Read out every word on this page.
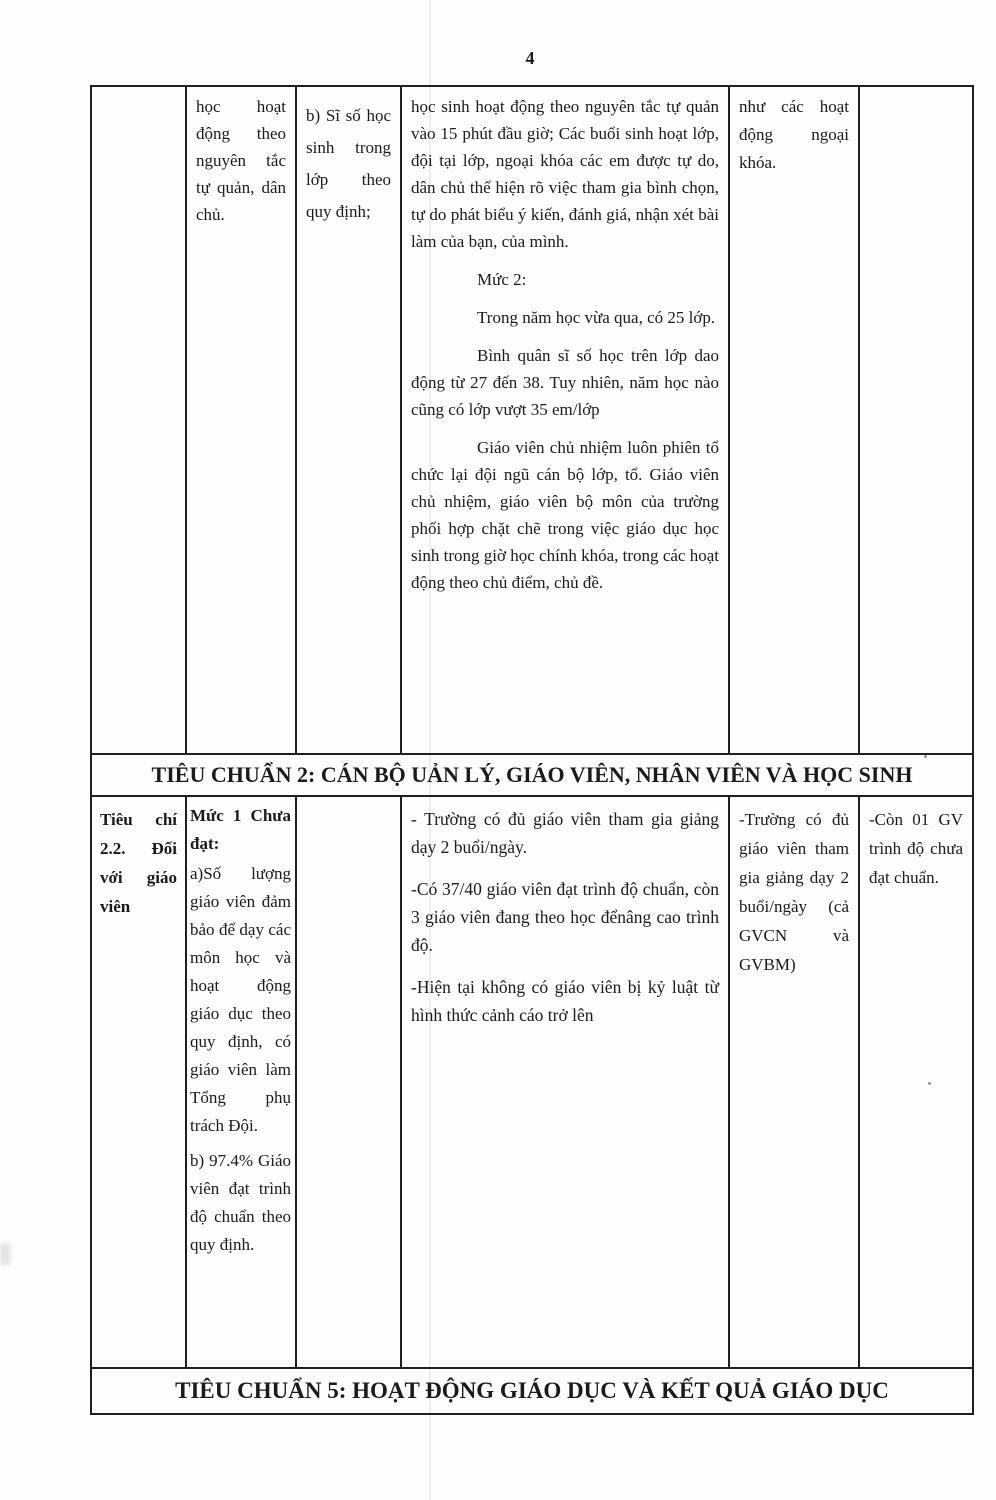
4
học hoạt động theo nguyên tắc tự quản, dân chủ.
b) Sĩ số học sinh trong lớp theo quy định;
học sinh hoạt động theo nguyên tắc tự quản vào 15 phút đầu giờ; Các buổi sinh hoạt lớp, đội tại lớp, ngoại khóa các em được tự do, dân chủ thể hiện rõ việc tham gia bình chọn, tự do phát biểu ý kiến, đánh giá, nhận xét bài làm của bạn, của mình.
Mức 2:
Trong năm học vừa qua, có 25 lớp.
Bình quân sĩ số học trên lớp dao động từ 27 đến 38. Tuy nhiên, năm học nào cũng có lớp vượt 35 em/lớp
Giáo viên chủ nhiệm luôn phiên tổ chức lại đội ngũ cán bộ lớp, tổ. Giáo viên chủ nhiệm, giáo viên bộ môn của trường phối hợp chặt chẽ trong việc giáo dục học sinh trong giờ học chính khóa, trong các hoạt động theo chủ điểm, chủ đề.
như các hoạt động ngoại khóa.
TIÊU CHUẨN 2: CÁN BỘ UẢN LÝ, GIÁO VIÊN, NHÂN VIÊN VÀ HỌC SINH
Tiêu chí 2.2. Đối với giáo viên
Mức 1 Chưa đạt:
a)Số lượng giáo viên đảm bảo để dạy các môn học và hoạt động giáo dục theo quy định, có giáo viên làm Tổng phụ trách Đội.
b) 97.4% Giáo viên đạt trình độ chuẩn theo quy định.
- Trường có đủ giáo viên tham gia giảng dạy 2 buổi/ngày.
-Có 37/40 giáo viên đạt trình độ chuẩn, còn 3 giáo viên đang theo học đểnâng cao trình độ.
-Hiện tại không có giáo viên bị kỷ luật từ hình thức cảnh cáo trở lên
-Trường có đủ giáo viên tham gia giảng dạy 2 buổi/ngày (cả GVCN và GVBM)
-Còn 01 GV trình độ chưa đạt chuẩn.
TIÊU CHUẨN 5: HOẠT ĐỘNG GIÁO DỤC VÀ KẾT QUẢ GIÁO DỤC
